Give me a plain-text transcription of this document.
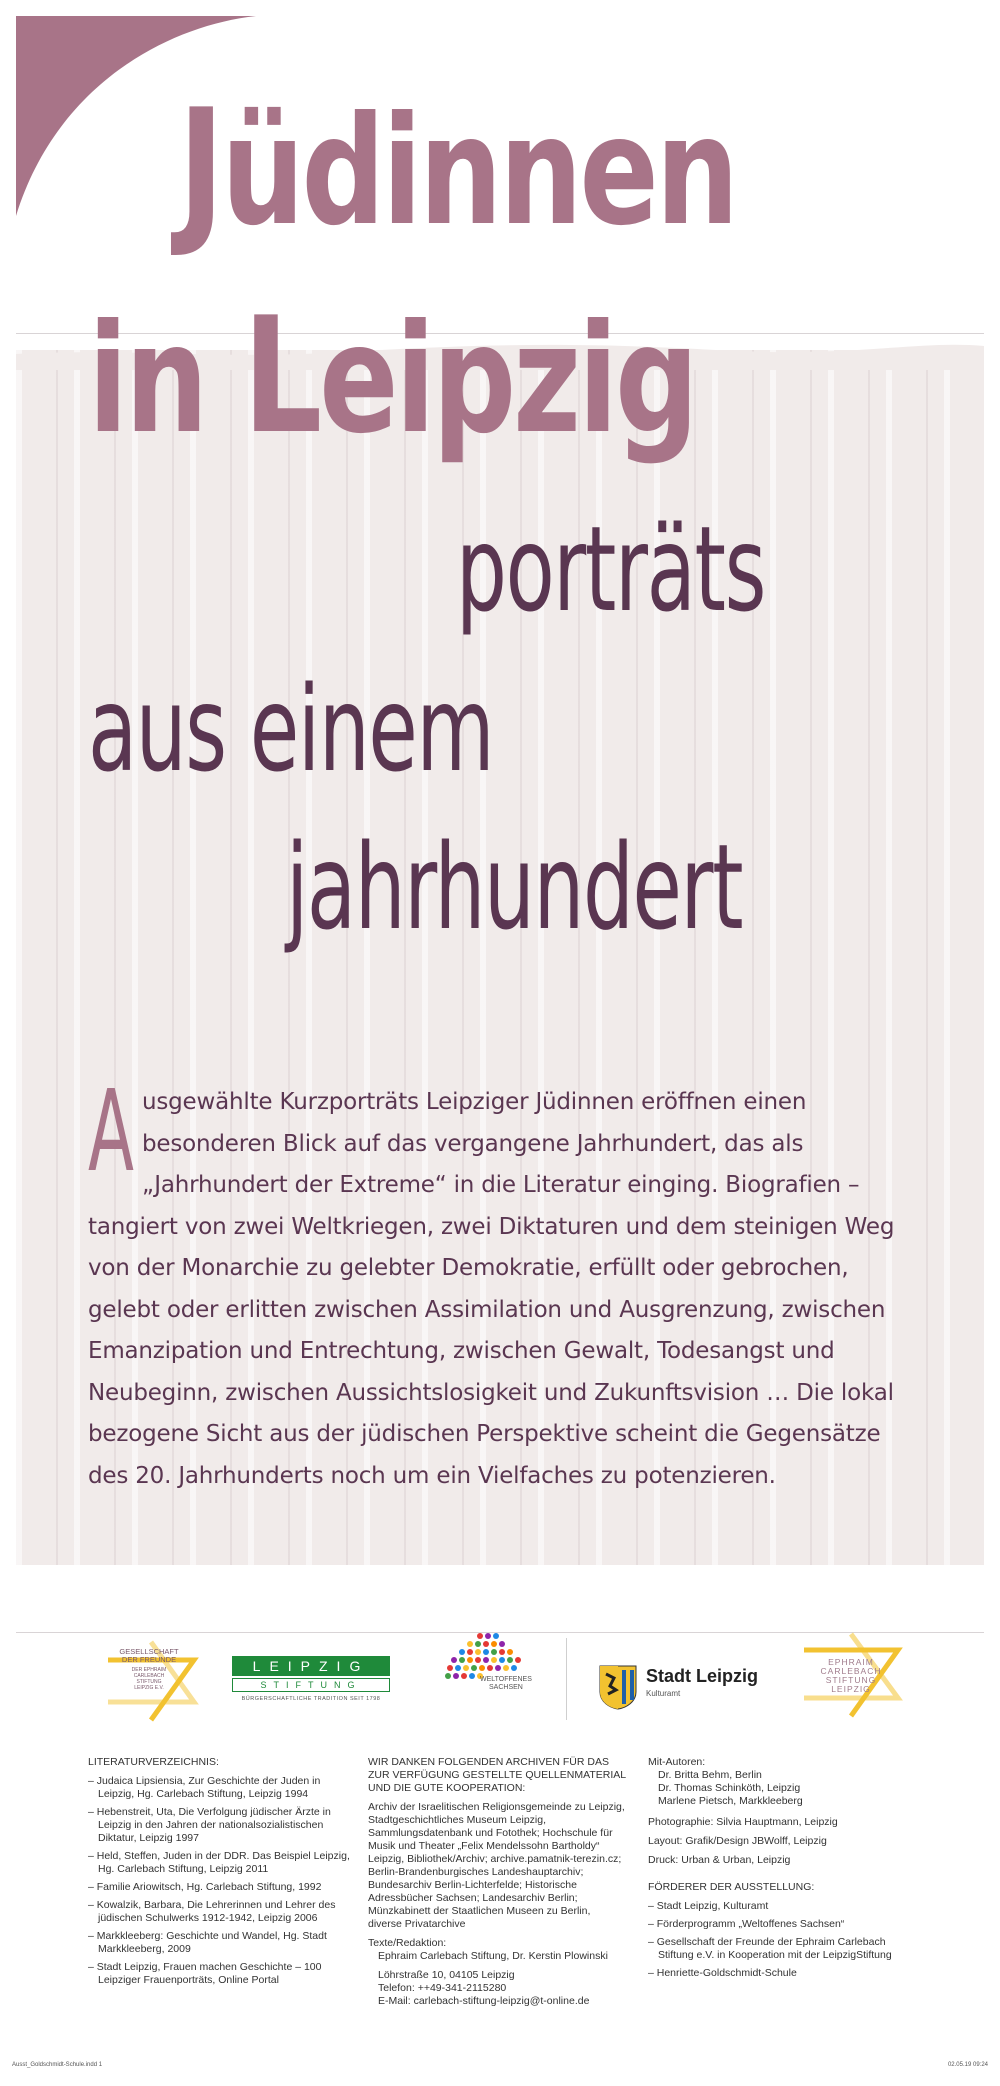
Jüdinnen
in Leipzig
porträts
aus einem
jahrhundert

Ausgewählte Kurzporträts Leipziger Jüdinnen eröffnen einen besonderen Blick auf das vergangene Jahrhundert, das als „Jahrhundert der Extreme“ in die Literatur einging. Biografien – tangiert von zwei Weltkriegen, zwei Diktaturen und dem steinigen Weg von der Monarchie zu gelebter Demokratie, erfüllt oder gebrochen, gelebt oder erlitten zwischen Assimilation und Ausgrenzung, zwischen Emanzipation und Entrechtung, zwischen Gewalt, Todesangst und Neubeginn, zwischen Aussichtslosigkeit und Zukunftsvision … Die lokal bezogene Sicht aus der jüdischen Perspektive scheint die Gegensätze des 20. Jahrhunderts noch um ein Vielfaches zu potenzieren.

GESELLSCHAFT
DER FREUNDE
DER EPHRAIM
CARLEBACH
STIFTUNG
LEIPZIG E.V.
LEIPZIG
STIFTUNG
BÜRGERSCHAFTLICHE TRADITION SEIT 1798
WELTOFFENES
SACHSEN
Stadt Leipzig
Kulturamt
EPHRAIM
CARLEBACH
STIFTUNG
LEIPZIG
LITERATURVERZEICHNIS:
– Judaica Lipsiensia, Zur Geschichte der Juden in Leipzig, Hg. Carlebach Stiftung, Leipzig 1994
– Hebenstreit, Uta, Die Verfolgung jüdischer Ärzte in Leipzig in den Jahren der nationalsozialistischen Diktatur, Leipzig 1997
– Held, Steffen, Juden in der DDR. Das Beispiel Leipzig, Hg. Carlebach Stiftung, Leipzig 2011
– Familie Ariowitsch, Hg. Carlebach Stiftung, 1992
– Kowalzik, Barbara, Die Lehrerinnen und Lehrer des jüdischen Schulwerks 1912-1942, Leipzig 2006
– Markkleeberg: Geschichte und Wandel, Hg. Stadt Markkleeberg, 2009
– Stadt Leipzig, Frauen machen Geschichte – 100 Leipziger Frauenporträts, Online Portal
WIR DANKEN FOLGENDEN ARCHIVEN FÜR DAS ZUR VERFÜGUNG GESTELLTE QUELLENMATERIAL UND DIE GUTE KOOPERATION:

Archiv der Israelitischen Religionsgemeinde zu Leipzig, Stadtgeschichtliches Museum Leipzig, Sammlungsdatenbank und Fotothek; Hochschule für Musik und Theater „Felix Mendelssohn Bartholdy“ Leipzig, Bibliothek/Archiv; archive.pamatnik-terezin.cz; Berlin-Brandenburgisches Landeshauptarchiv; Bundesarchiv Berlin-Lichterfelde; Historische Adressbücher Sachsen; Landesarchiv Berlin; Münzkabinett der Staatlichen Museen zu Berlin, diverse Privatarchive

Texte/Redaktion:

Ephraim Carlebach Stiftung, Dr. Kerstin Plowinski

Löhrstraße 10, 04105 Leipzig
Telefon: ++49-341-2115280
E-Mail: carlebach-stiftung-leipzig@t-online.de
Mit-Autoren:
Dr. Britta Behm, Berlin
Dr. Thomas Schinköth, Leipzig
Marlene Pietsch, Markkleeberg

Photographie: Silvia Hauptmann, Leipzig

Layout: Grafik/Design JBWolff, Leipzig

Druck: Urban & Urban, Leipzig

FÖRDERER DER AUSSTELLUNG:
– Stadt Leipzig, Kulturamt
– Förderprogramm „Weltoffenes Sachsen“
– Gesellschaft der Freunde der Ephraim Carlebach Stiftung e.V. in Kooperation mit der LeipzigStiftung
– Henriette-Goldschmidt-Schule
Ausst_Goldschmidt-Schule.indd 1	02.05.19 09:24
